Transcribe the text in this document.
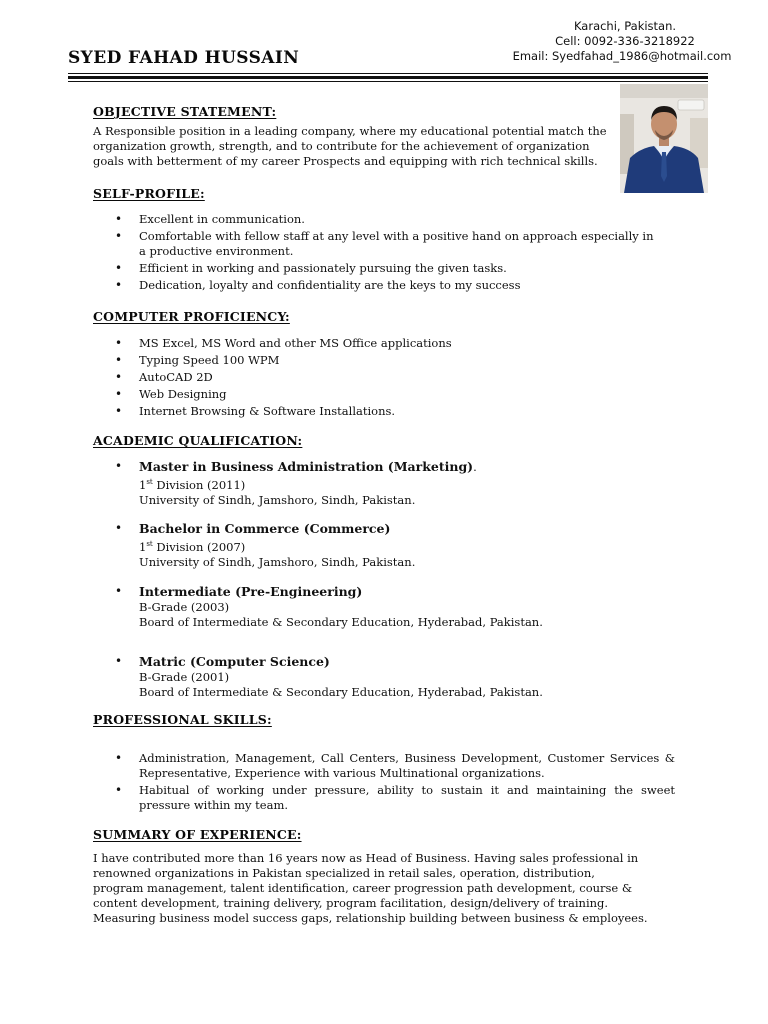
SYED FAHAD HUSSAIN
Karachi, Pakistan.
Cell: 0092-336-3218922
Email: Syedfahad_1986@hotmail.com
OBJECTIVE STATEMENT:

A Responsible position in a leading company, where my educational potential match the organization growth, strength, and to contribute for the achievement of organization goals with betterment of my career Prospects and equipping with rich technical skills.

SELF-PROFILE:
• Excellent in communication.
• Comfortable with fellow staff at any level with a positive hand on approach especially in a productive environment.
• Efficient in working and passionately pursuing the given tasks.
• Dedication, loyalty and confidentiality are the keys to my success
COMPUTER PROFICIENCY:
• MS Excel, MS Word and other MS Office applications
• Typing Speed 100 WPM
• AutoCAD 2D
• Web Designing
• Internet Browsing & Software Installations.
ACADEMIC QUALIFICATION:
• Master in Business Administration (Marketing).
1st Division (2011)
University of Sindh, Jamshoro, Sindh, Pakistan.
• Bachelor in Commerce (Commerce)
1st Division (2007)
University of Sindh, Jamshoro, Sindh, Pakistan.
• Intermediate (Pre-Engineering)
B-Grade (2003)
Board of Intermediate & Secondary Education, Hyderabad, Pakistan.
• Matric (Computer Science)
B-Grade (2001)
Board of Intermediate & Secondary Education, Hyderabad, Pakistan.
PROFESSIONAL SKILLS:
• Administration, Management, Call Centers, Business Development, Customer Services & Representative, Experience with various Multinational organizations.
• Habitual of working under pressure, ability to sustain it and maintaining the sweet pressure within my team.
SUMMARY OF EXPERIENCE:

I have contributed more than 16 years now as Head of Business. Having sales professional in renowned organizations in Pakistan specialized in retail sales, operation, distribution, program management, talent identification, career progression path development, course & content development, training delivery, program facilitation, design/delivery of training. Measuring business model success gaps, relationship building between business & employees.
